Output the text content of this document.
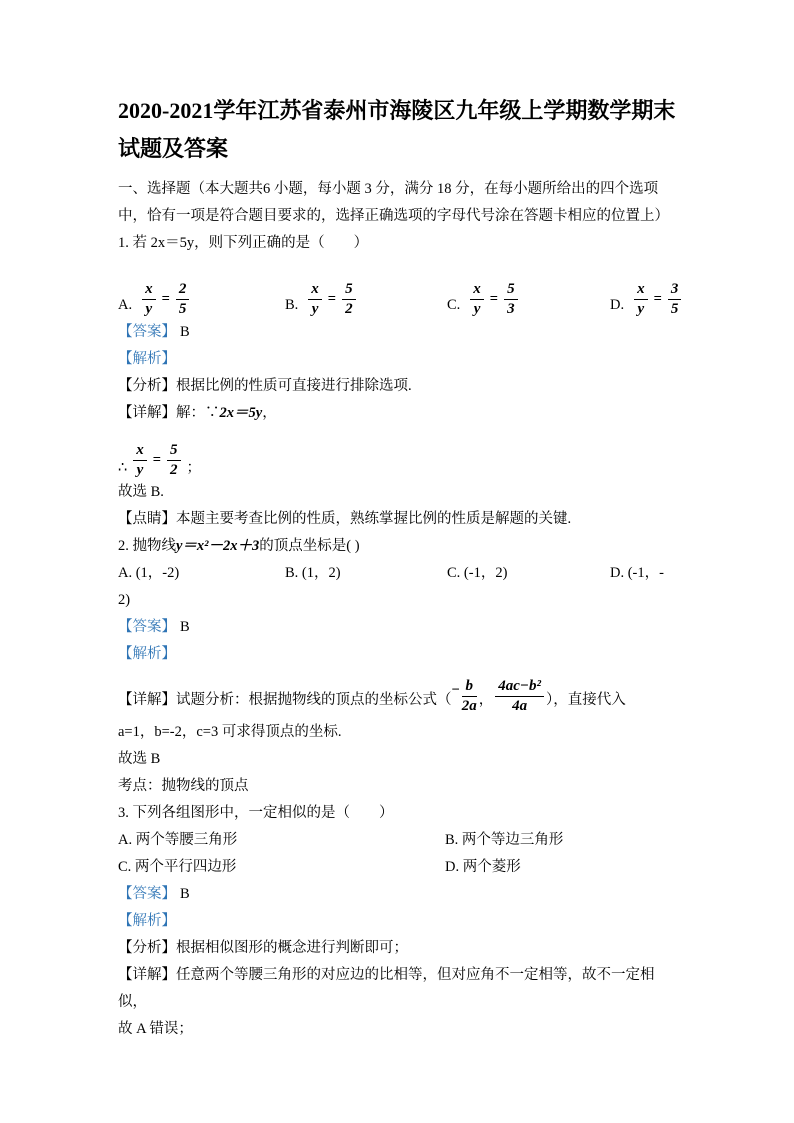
2020-2021学年江苏省泰州市海陵区九年级上学期数学期末
试题及答案

一、选择题（本大题共6 小题，每小题 3 分，满分 18 分，在每小题所给出的四个选项中，恰有一项是符合题目要求的，选择正确选项的字母代号涂在答题卡相应的位置上）

1. 若 2x＝5y，则下列正确的是（　　）

A. $\frac{x}{y} = \frac{2}{5}$	B. $\frac{x}{y} = \frac{5}{2}$	C. $\frac{x}{y} = \frac{5}{3}$	D. $\frac{x}{y} = \frac{3}{5}$

【答案】 B

【解析】

【分析】根据比例的性质可直接进行排除选项.

【详解】解：∵2x＝5y，

∴ $\frac{x}{y} = \frac{5}{2}$ ；

故选 B.

【点睛】本题主要考查比例的性质，熟练掌握比例的性质是解题的关键.

2. 抛物线y＝x²－2x＋3的顶点坐标是( )

A. (1，-2)	B. (1，2)	C. (-1，2)	D. (-1，-

2)

【答案】 B

【解析】

【详解】试题分析：根据抛物线的顶点的坐标公式（− $\frac{b}{2a}$ ， $\frac{\text{4ac−b²}}{4a}$ ），直接代入

a=1，b=-2，c=3 可求得顶点的坐标.

故选 B

考点：抛物线的顶点

3. 下列各组图形中，一定相似的是（　　）

A. 两个等腰三角形	B. 两个等边三角形
C. 两个平行四边形	D. 两个菱形

【答案】 B

【解析】

【分析】根据相似图形的概念进行判断即可；

【详解】任意两个等腰三角形的对应边的比相等，但对应角不一定相等，故不一定相似，

故 A 错误；
